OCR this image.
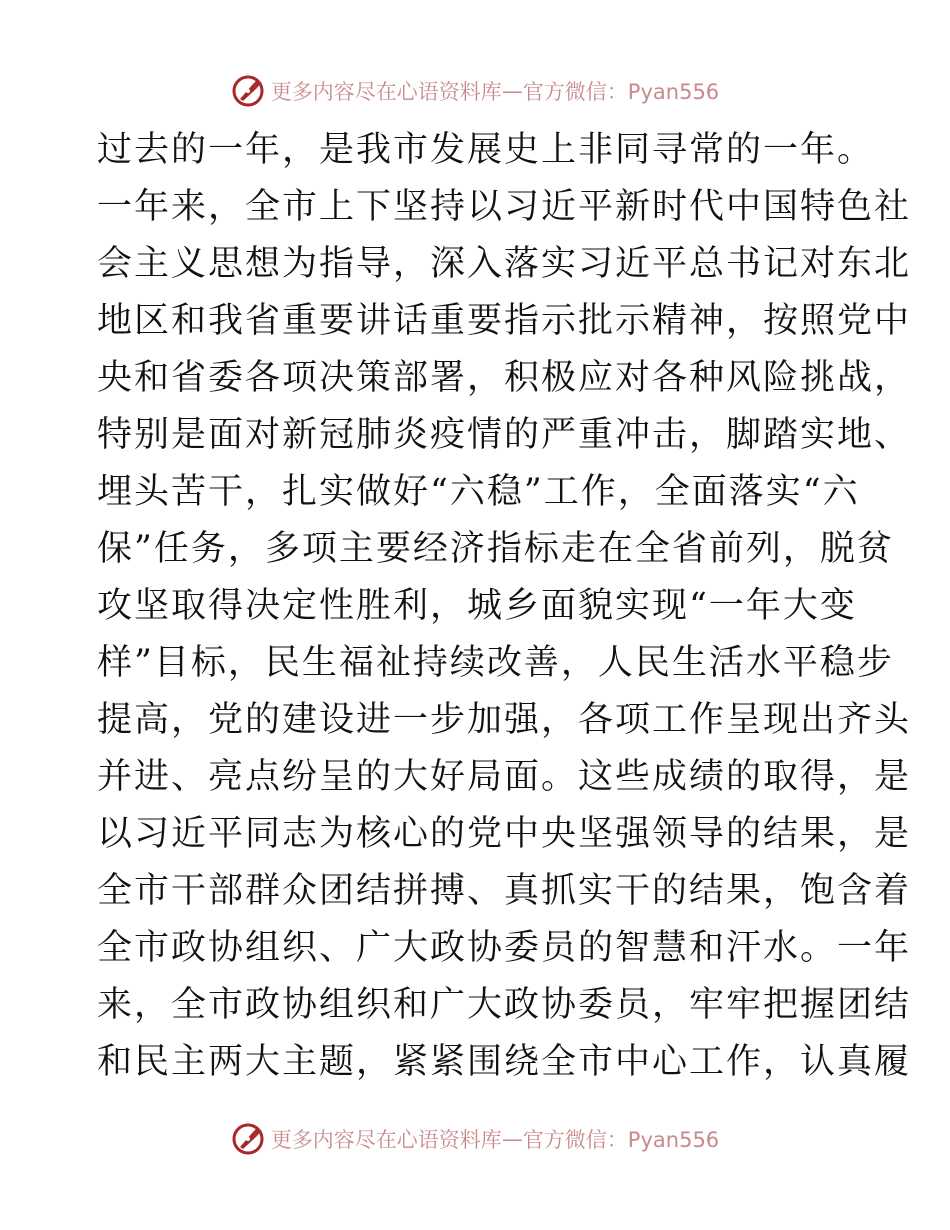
更多内容尽在心语资料库 — 官方微信：Pyan556
过去的一年，是我市发展史上非同寻常的一年。
一年来，全市上下坚持以习近平新时代中国特色社
会主义思想为指导，深入落实习近平总书记对东北
地区和我省重要讲话重要指示批示精神，按照党中
央和省委各项决策部署，积极应对各种风险挑战，
特别是面对新冠肺炎疫情的严重冲击，脚踏实地、
埋头苦干，扎实做好“六稳”工作，全面落实“六
保”任务，多项主要经济指标走在全省前列，脱贫
攻坚取得决定性胜利，城乡面貌实现“一年大变
样”目标，民生福祉持续改善，人民生活水平稳步
提高，党的建设进一步加强，各项工作呈现出齐头
并进、亮点纷呈的大好局面。这些成绩的取得，是
以习近平同志为核心的党中央坚强领导的结果，是
全市干部群众团结拼搏、真抓实干的结果，饱含着
全市政协组织、广大政协委员的智慧和汗水。一年
来，全市政协组织和广大政协委员，牢牢把握团结
和民主两大主题，紧紧围绕全市中心工作，认真履
更多内容尽在心语资料库 — 官方微信：Pyan556
